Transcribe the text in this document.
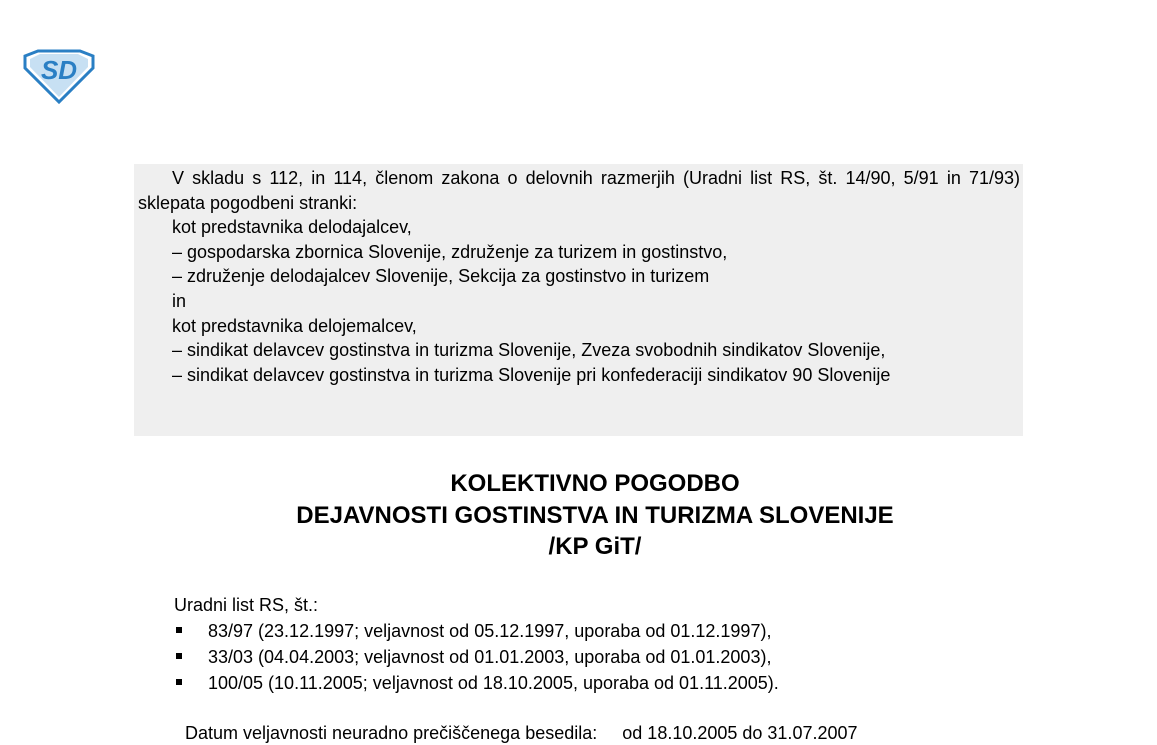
SD

V skladu s 112, in 114, členom zakona o delovnih razmerjih (Uradni list RS, št. 14/90, 5/91 in 71/93) sklepata pogodbeni stranki:

kot predstavnika delodajalcev,

– gospodarska zbornica Slovenije, združenje za turizem in gostinstvo,

– združenje delodajalcev Slovenije, Sekcija za gostinstvo in turizem

in

kot predstavnika delojemalcev,

– sindikat delavcev gostinstva in turizma Slovenije, Zveza svobodnih sindikatov Slovenije,

– sindikat delavcev gostinstva in turizma Slovenije pri konfederaciji sindikatov 90 Slovenije

KOLEKTIVNO POGODBO
DEJAVNOSTI GOSTINSTVA IN TURIZMA SLOVENIJE
/KP GiT/

Uradni list RS, št.:

83/97 (23.12.1997; veljavnost od 05.12.1997, uporaba od 01.12.1997),
33/03 (04.04.2003; veljavnost od 01.01.2003, uporaba od 01.01.2003),
100/05 (10.11.2005; veljavnost od 18.10.2005, uporaba od 01.11.2005).
Datum veljavnosti neuradno prečiščenega besedila: od 18.10.2005 do 31.07.2007
